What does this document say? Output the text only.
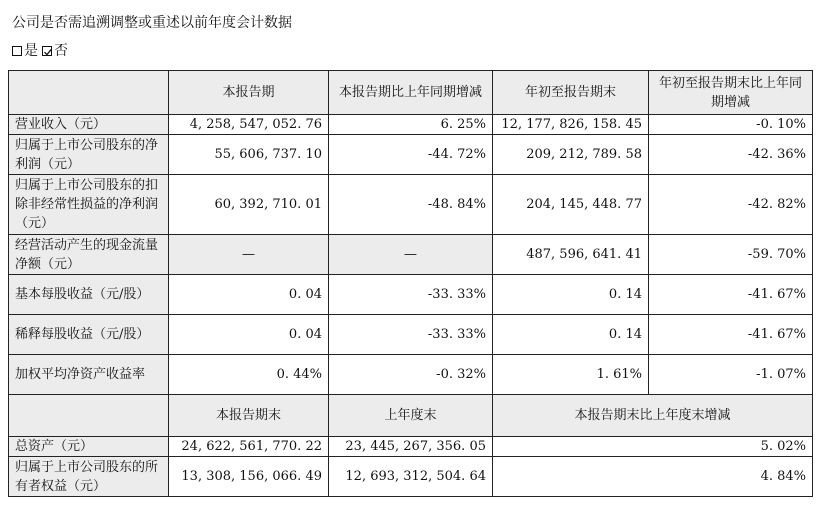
公司是否需追溯调整或重述以前年度会计数据
是 否
	本报告期	本报告期比上年同期增减	年初至报告期末	年初至报告期末比上年同期增减
营业收入（元）	4, 258, 547, 052. 76	6. 25%	12, 177, 826, 158. 45	-0. 10%
归属于上市公司股东的净利润（元）	55, 606, 737. 10	-44. 72%	209, 212, 789. 58	-42. 36%
归属于上市公司股东的扣除非经常性损益的净利润（元）	60, 392, 710. 01	-48. 84%	204, 145, 448. 77	-42. 82%
经营活动产生的现金流量净额（元）	—	—	487, 596, 641. 41	-59. 70%
基本每股收益（元/股）	0. 04	-33. 33%	0. 14	-41. 67%
稀释每股收益（元/股）	0. 04	-33. 33%	0. 14	-41. 67%
加权平均净资产收益率	0. 44%	-0. 32%	1. 61%	-1. 07%
	本报告期末	上年度末	本报告期末比上年度末增减	
总资产（元）	24, 622, 561, 770. 22	23, 445, 267, 356. 05	5. 02%	
归属于上市公司股东的所有者权益（元）	13, 308, 156, 066. 49	12, 693, 312, 504. 64	4. 84%	
